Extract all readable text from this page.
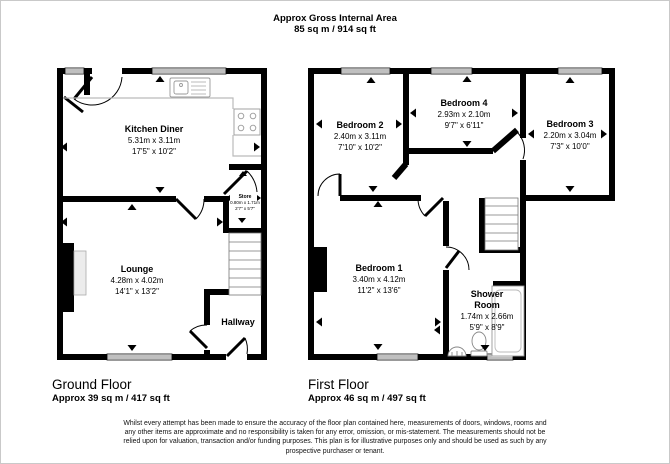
Approx Gross Internal Area
85 sq m / 914 sq ft
Kitchen Diner
5.31m x 3.11m
17'5" x 10'2"
Lounge
4.28m x 4.02m
14'1" x 13'2"
Hallway
Store
0.80m x 1.71m
2'7" x 5'7"
Bedroom 2
2.40m x 3.11m
7'10" x 10'2"
Bedroom 4
2.93m x 2.10m
9'7" x 6'11"	Bedroom 3
2.20m x 3.04m
7'3" x 10'0"
Bedroom 1
3.40m x 4.12m
11'2" x 13'6"	Shower Room
1.74m x 2.66m
5'9" x 8'9"
Ground Floor
Approx 39 sq m / 417 sq ft
First Floor
Approx 46 sq m / 497 sq ft
Whilst every attempt has been made to ensure the accuracy of the floor plan contained here, measurements of doors, windows, rooms and
any other items are approximate and no responsibility is taken for any error, omission, or mis-statement. The measurements should not be
relied upon for valuation, transaction and/or funding purposes. This plan is for illustrative purposes only and should be used as such by any
prospective purchaser or tenant.
